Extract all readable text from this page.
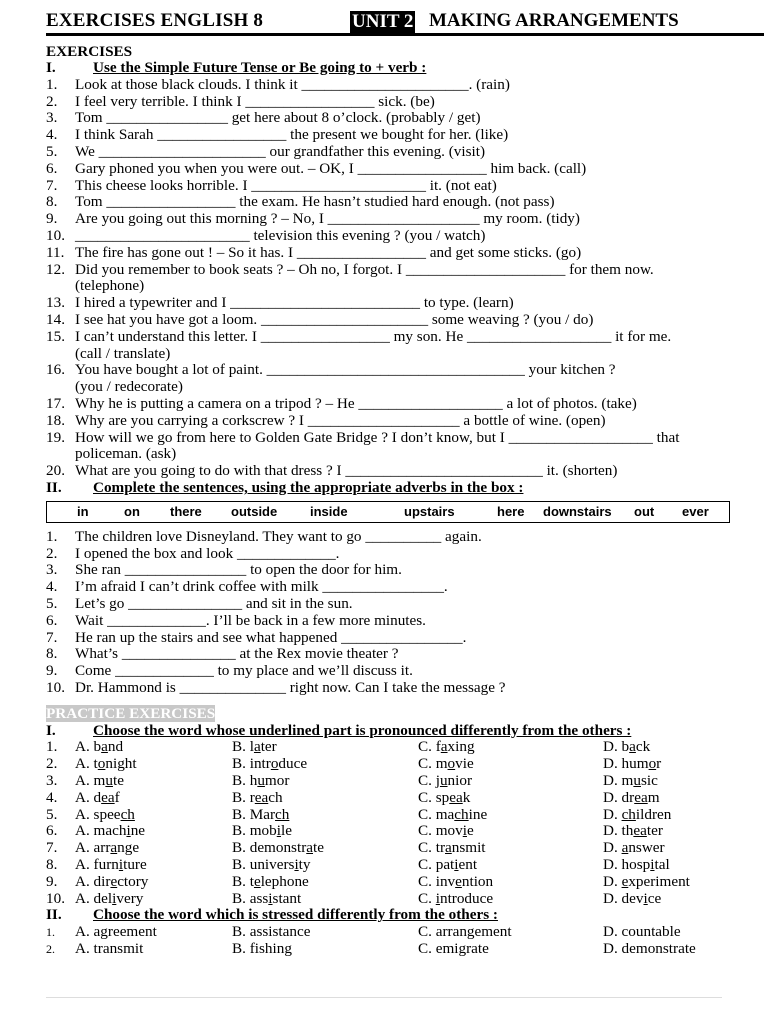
EXERCISES ENGLISH 8	UNIT 2 MAKING ARRANGEMENTS
EXERCISES
I. Use the Simple Future Tense or Be going to + verb :
1. Look at those black clouds. I think it ______________________. (rain)
2. I feel very terrible. I think I _________________ sick. (be)
3. Tom ________________ get here about 8 o’clock. (probably / get)
4. I think Sarah _________________ the present we bought for her. (like)
5. We ______________________ our grandfather this evening. (visit)
6. Gary phoned you when you were out. – OK, I _________________ him back. (call)
7. This cheese looks horrible. I _______________________ it. (not eat)
8. Tom _________________ the exam. He hasn’t studied hard enough. (not pass)
9. Are you going out this morning ? – No, I ____________________ my room. (tidy)
10. _______________________ television this evening ? (you / watch)
11. The fire has gone out ! – So it has. I _________________ and get some sticks. (go)
12. Did you remember to book seats ? – Oh no, I forgot. I _____________________ for them now.
(telephone)
13. I hired a typewriter and I _________________________ to type. (learn)
14. I see hat you have got a loom. ______________________ some weaving ? (you / do)
15. I can’t understand this letter. I _________________ my son. He ___________________ it for me.
(call / translate)
16. You have bought a lot of paint. __________________________________ your kitchen ?
(you / redecorate)
17. Why he is putting a camera on a tripod ? – He ___________________ a lot of photos. (take)
18. Why are you carrying a corkscrew ? I ____________________ a bottle of wine. (open)
19. How will we go from here to Golden Gate Bridge ? I don’t know, but I ___________________ that
policeman. (ask)
20. What are you going to do with that dress ? I __________________________ it. (shorten)
II. Complete the sentences, using the appropriate adverbs in the box :
in	on there outside	inside	upstairs	here downstairs out ever
1. The children love Disneyland. They want to go __________ again.
2. I opened the box and look _____________.
3. She ran ________________ to open the door for him.
4. I’m afraid I can’t drink coffee with milk ________________.
5. Let’s go _______________ and sit in the sun.
6. Wait _____________. I’ll be back in a few more minutes.
7. He ran up the stairs and see what happened ________________.
8. What’s _______________ at the Rex movie theater ?
9. Come _____________ to my place and we’ll discuss it.
10. Dr. Hammond is ______________ right now. Can I take the message ?
PRACTICE EXERCISES
I. Choose the word whose underlined part is pronounced differently from the others :
1. A. band	B. later	C. faxing	D. back
2. A. tonight	B. introduce	C. movie	D. humor
3. A. mute	B. humor	C. junior	D. music
4. A. deaf	B. reach	C. speak	D. dream
5. A. speech	B. March	C. machine	D. children
6. A. machine	B. mobile	C. movie	D. theater
7. A. arrange	B. demonstrate	C. transmit	D. answer
8. A. furniture	B. university	C. patient	D. hospital
9. A. directory	B. telephone	C. invention	D. experiment
10. A. delivery	B. assistant	C. introduce	D. device
II. Choose the word which is stressed differently from the others :
1. A. agreement	B. assistance	C. arrangement	D. countable
2. A. transmit	B. fishing	C. emigrate	D. demonstrate
